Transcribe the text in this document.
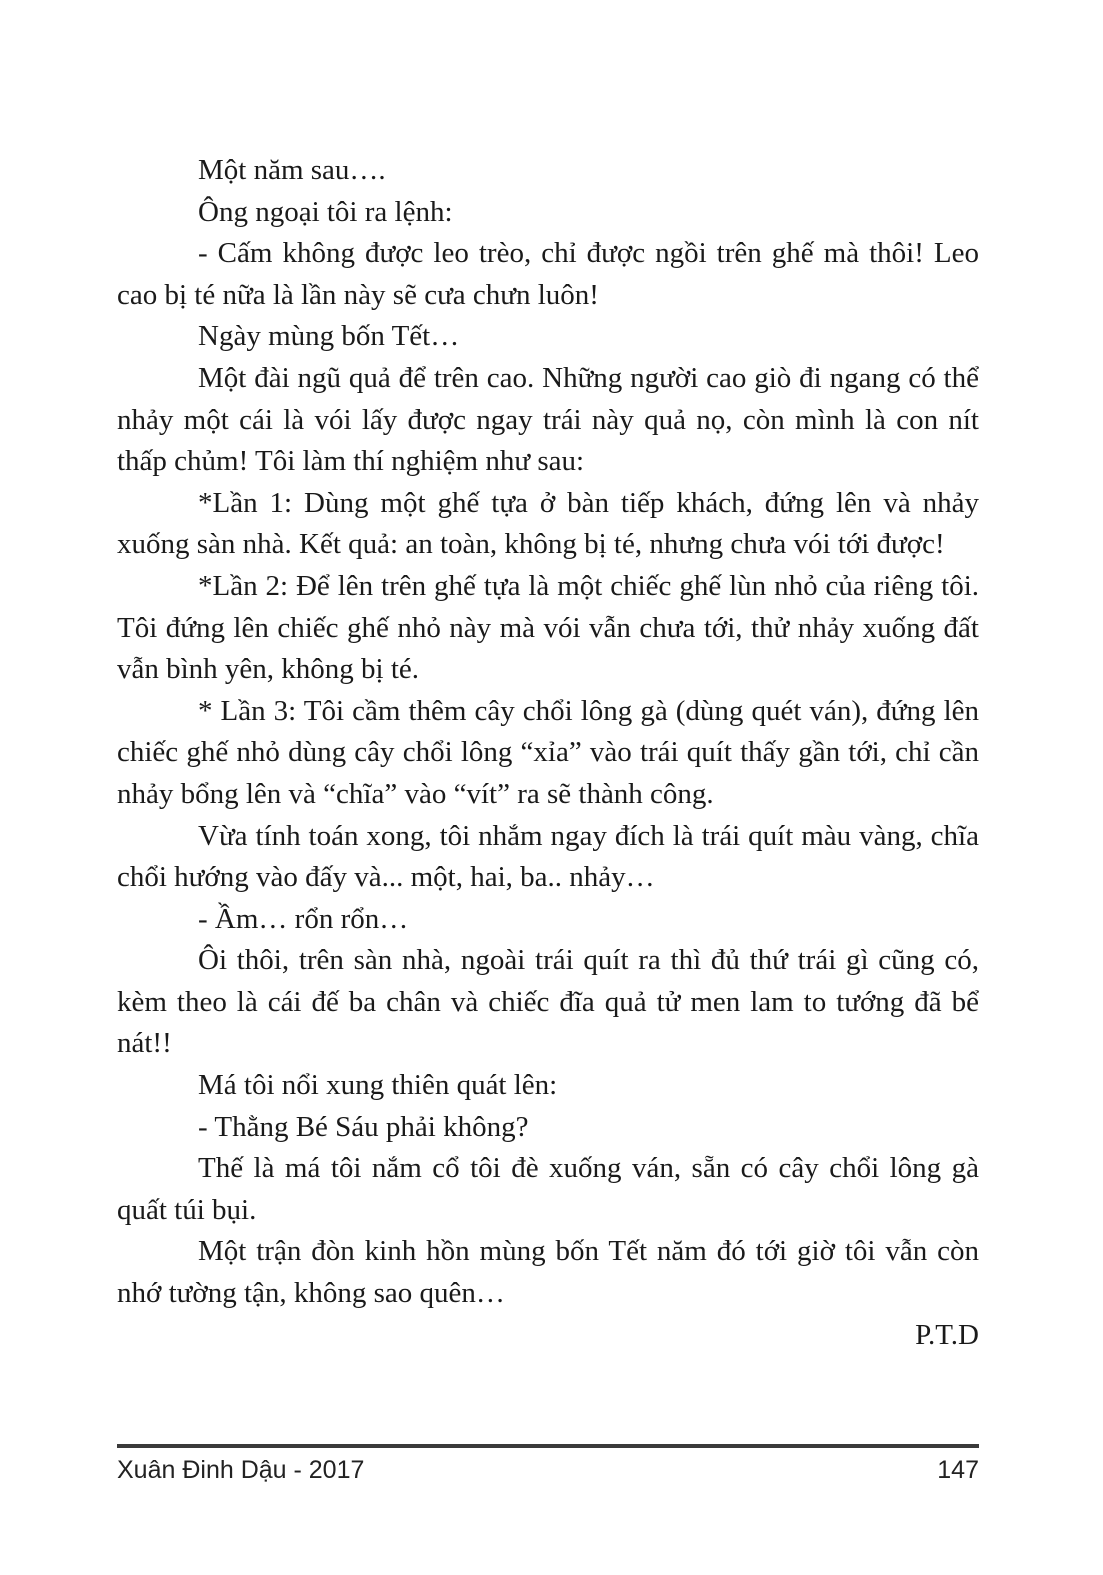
Một năm sau….

Ông ngoại tôi ra lệnh:

- Cấm không được leo trèo, chỉ được ngồi trên ghế mà thôi! Leo cao bị té nữa là lần này sẽ cưa chưn luôn!

Ngày mùng bốn Tết…

Một đài ngũ quả để trên cao. Những người cao giò đi ngang có thể nhảy một cái là vói lấy được ngay trái này quả nọ, còn mình là con nít thấp chủm! Tôi làm thí nghiệm như sau:

*Lần 1: Dùng một ghế tựa ở bàn tiếp khách, đứng lên và nhảy xuống sàn nhà. Kết quả: an toàn, không bị té, nhưng chưa vói tới được!

*Lần 2: Để lên trên ghế tựa là một chiếc ghế lùn nhỏ của riêng tôi. Tôi đứng lên chiếc ghế nhỏ này mà vói vẫn chưa tới, thử nhảy xuống đất vẫn bình yên, không bị té.

* Lần 3: Tôi cầm thêm cây chổi lông gà (dùng quét ván), đứng lên chiếc ghế nhỏ dùng cây chổi lông “xỉa” vào trái quít thấy gần tới, chỉ cần nhảy bổng lên và “chĩa” vào “vít” ra sẽ thành công.

Vừa tính toán xong, tôi nhắm ngay đích là trái quít màu vàng, chĩa chổi hướng vào đấy và... một, hai, ba.. nhảy…

- Ầm… rổn rổn…

Ôi thôi, trên sàn nhà, ngoài trái quít ra thì đủ thứ trái gì cũng có, kèm theo là cái đế ba chân và chiếc đĩa quả tử men lam to tướng đã bể nát!!

Má tôi nổi xung thiên quát lên:

- Thằng Bé Sáu phải không?

Thế là má tôi nắm cổ tôi đè xuống ván, sẵn có cây chổi lông gà quất túi bụi.

Một trận đòn kinh hồn mùng bốn Tết năm đó tới giờ tôi vẫn còn nhớ tường tận, không sao quên…

P.T.D

Xuân Đinh Dậu - 2017	147
